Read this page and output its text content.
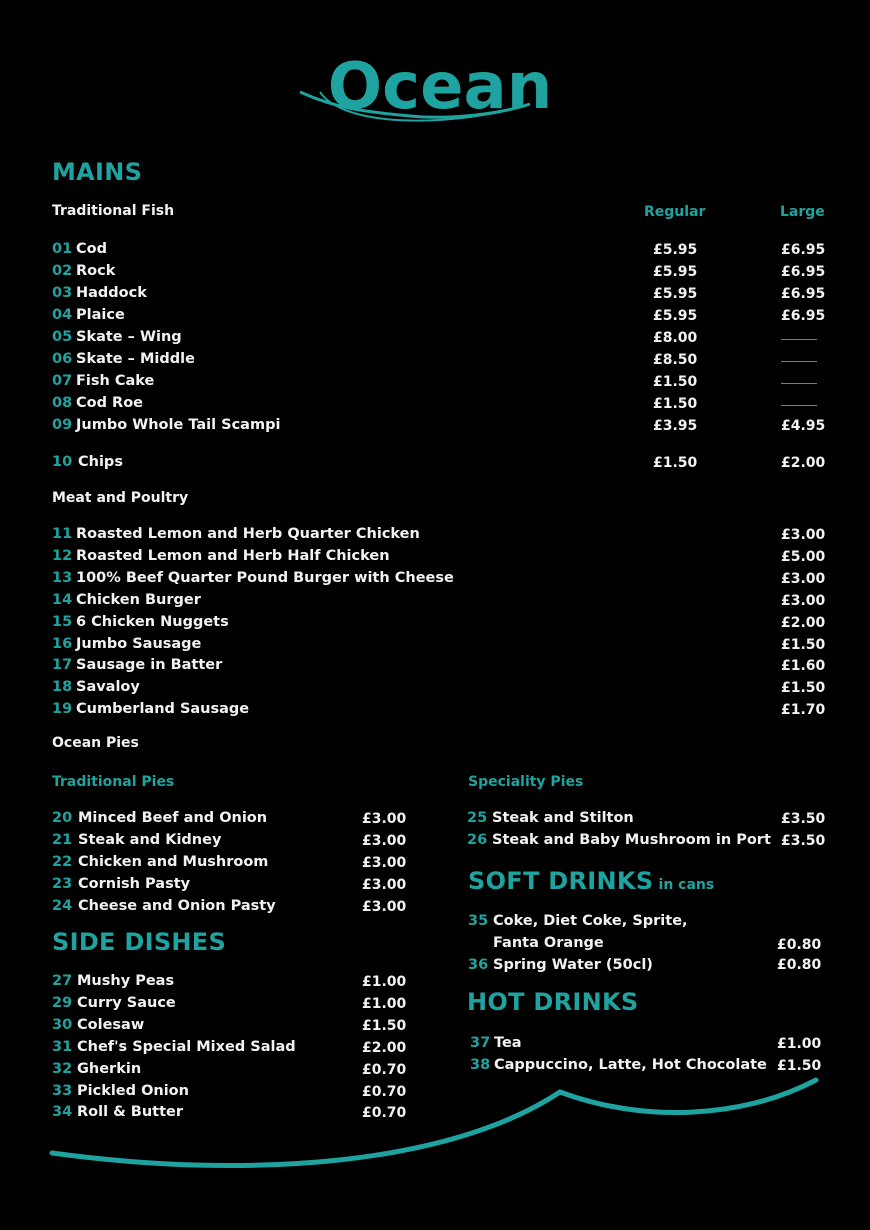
Ocean
MAINS
Traditional Fish	Regular	Large
01 Cod	£5.95	£6.95
02 Rock	£5.95	£6.95
03 Haddock	£5.95	£6.95
04 Plaice	£5.95	£6.95
05 Skate – Wing	£8.00
06 Skate – Middle	£8.50
07 Fish Cake	£1.50
08 Cod Roe	£1.50
09 Jumbo Whole Tail Scampi	£3.95	£4.95
10 Chips	£1.50	£2.00
Meat and Poultry
11 Roasted Lemon and Herb Quarter Chicken	£3.00
12 Roasted Lemon and Herb Half Chicken	£5.00
13 100% Beef Quarter Pound Burger with Cheese	£3.00
14 Chicken Burger	£3.00
15 6 Chicken Nuggets	£2.00
16 Jumbo Sausage	£1.50
17 Sausage in Batter	£1.60
18 Savaloy	£1.50
19 Cumberland Sausage	£1.70
Ocean Pies
Traditional Pies	Speciality Pies
20 Minced Beef and Onion	£3.00
21 Steak and Kidney	£3.00
22 Chicken and Mushroom	£3.00
23 Cornish Pasty	£3.00
24 Cheese and Onion Pasty	£3.00
25 Steak and Stilton	£3.50
26 Steak and Baby Mushroom in Port £3.50
SIDE DISHES
27 Mushy Peas	£1.00
29 Curry Sauce	£1.00
30 Colesaw	£1.50
31 Chef's Special Mixed Salad	£2.00
32 Gherkin	£0.70
33 Pickled Onion	£0.70
34 Roll & Butter	£0.70
SOFT DRINKS in cans
35 Coke, Diet Coke, Sprite,
Fanta Orange	£0.80
36 Spring Water (50cl)	£0.80
HOT DRINKS
37 Tea	£1.00
38 Cappuccino, Latte, Hot Chocolate £1.50
